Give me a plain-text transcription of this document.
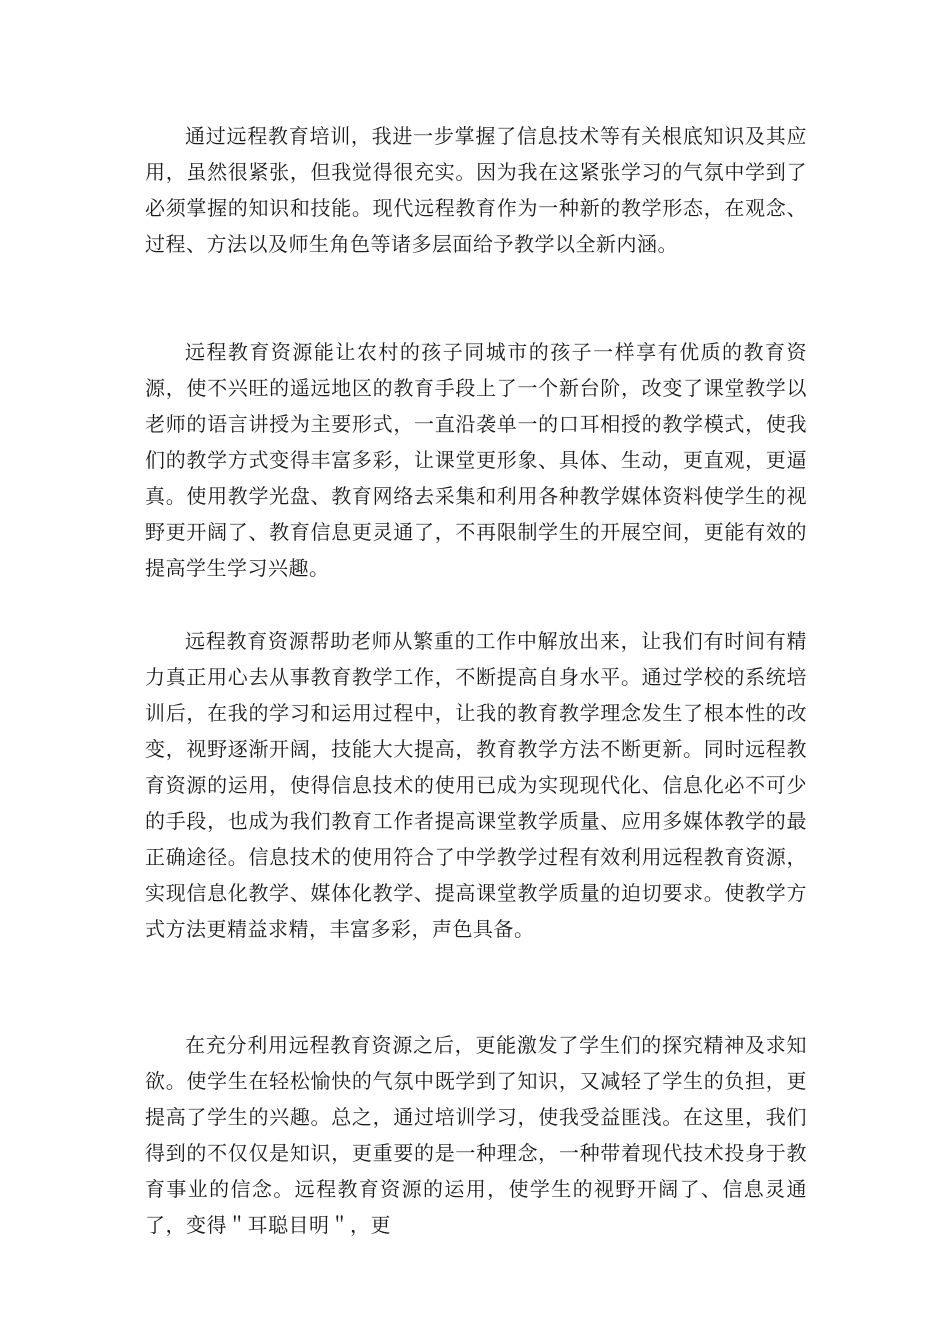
通过远程教育培训，我进一步掌握了信息技术等有关根底知识及其应用，虽然很紧张，但我觉得很充实。因为我在这紧张学习的气氛中学到了必须掌握的知识和技能。现代远程教育作为一种新的教学形态，在观念、过程、方法以及师生角色等诸多层面给予教学以全新内涵。

远程教育资源能让农村的孩子同城市的孩子一样享有优质的教育资源，使不兴旺的遥远地区的教育手段上了一个新台阶，改变了课堂教学以老师的语言讲授为主要形式，一直沿袭单一的口耳相授的教学模式，使我们的教学方式变得丰富多彩，让课堂更形象、具体、生动，更直观，更逼真。使用教学光盘、教育网络去采集和利用各种教学媒体资料使学生的视野更开阔了、教育信息更灵通了，不再限制学生的开展空间，更能有效的提高学生学习兴趣。

远程教育资源帮助老师从繁重的工作中解放出来，让我们有时间有精力真正用心去从事教育教学工作，不断提高自身水平。通过学校的系统培训后，在我的学习和运用过程中，让我的教育教学理念发生了根本性的改变，视野逐渐开阔，技能大大提高，教育教学方法不断更新。同时远程教育资源的运用，使得信息技术的使用已成为实现现代化、信息化必不可少的手段，也成为我们教育工作者提高课堂教学质量、应用多媒体教学的最正确途径。信息技术的使用符合了中学教学过程有效利用远程教育资源，实现信息化教学、媒体化教学、提高课堂教学质量的迫切要求。使教学方式方法更精益求精，丰富多彩，声色具备。

在充分利用远程教育资源之后，更能激发了学生们的探究精神及求知欲。使学生在轻松愉快的气氛中既学到了知识，又减轻了学生的负担，更提高了学生的兴趣。总之，通过培训学习，使我受益匪浅。在这里，我们得到的不仅仅是知识，更重要的是一种理念，一种带着现代技术投身于教育事业的信念。远程教育资源的运用，使学生的视野开阔了、信息灵通了，变得＂耳聪目明＂，更
